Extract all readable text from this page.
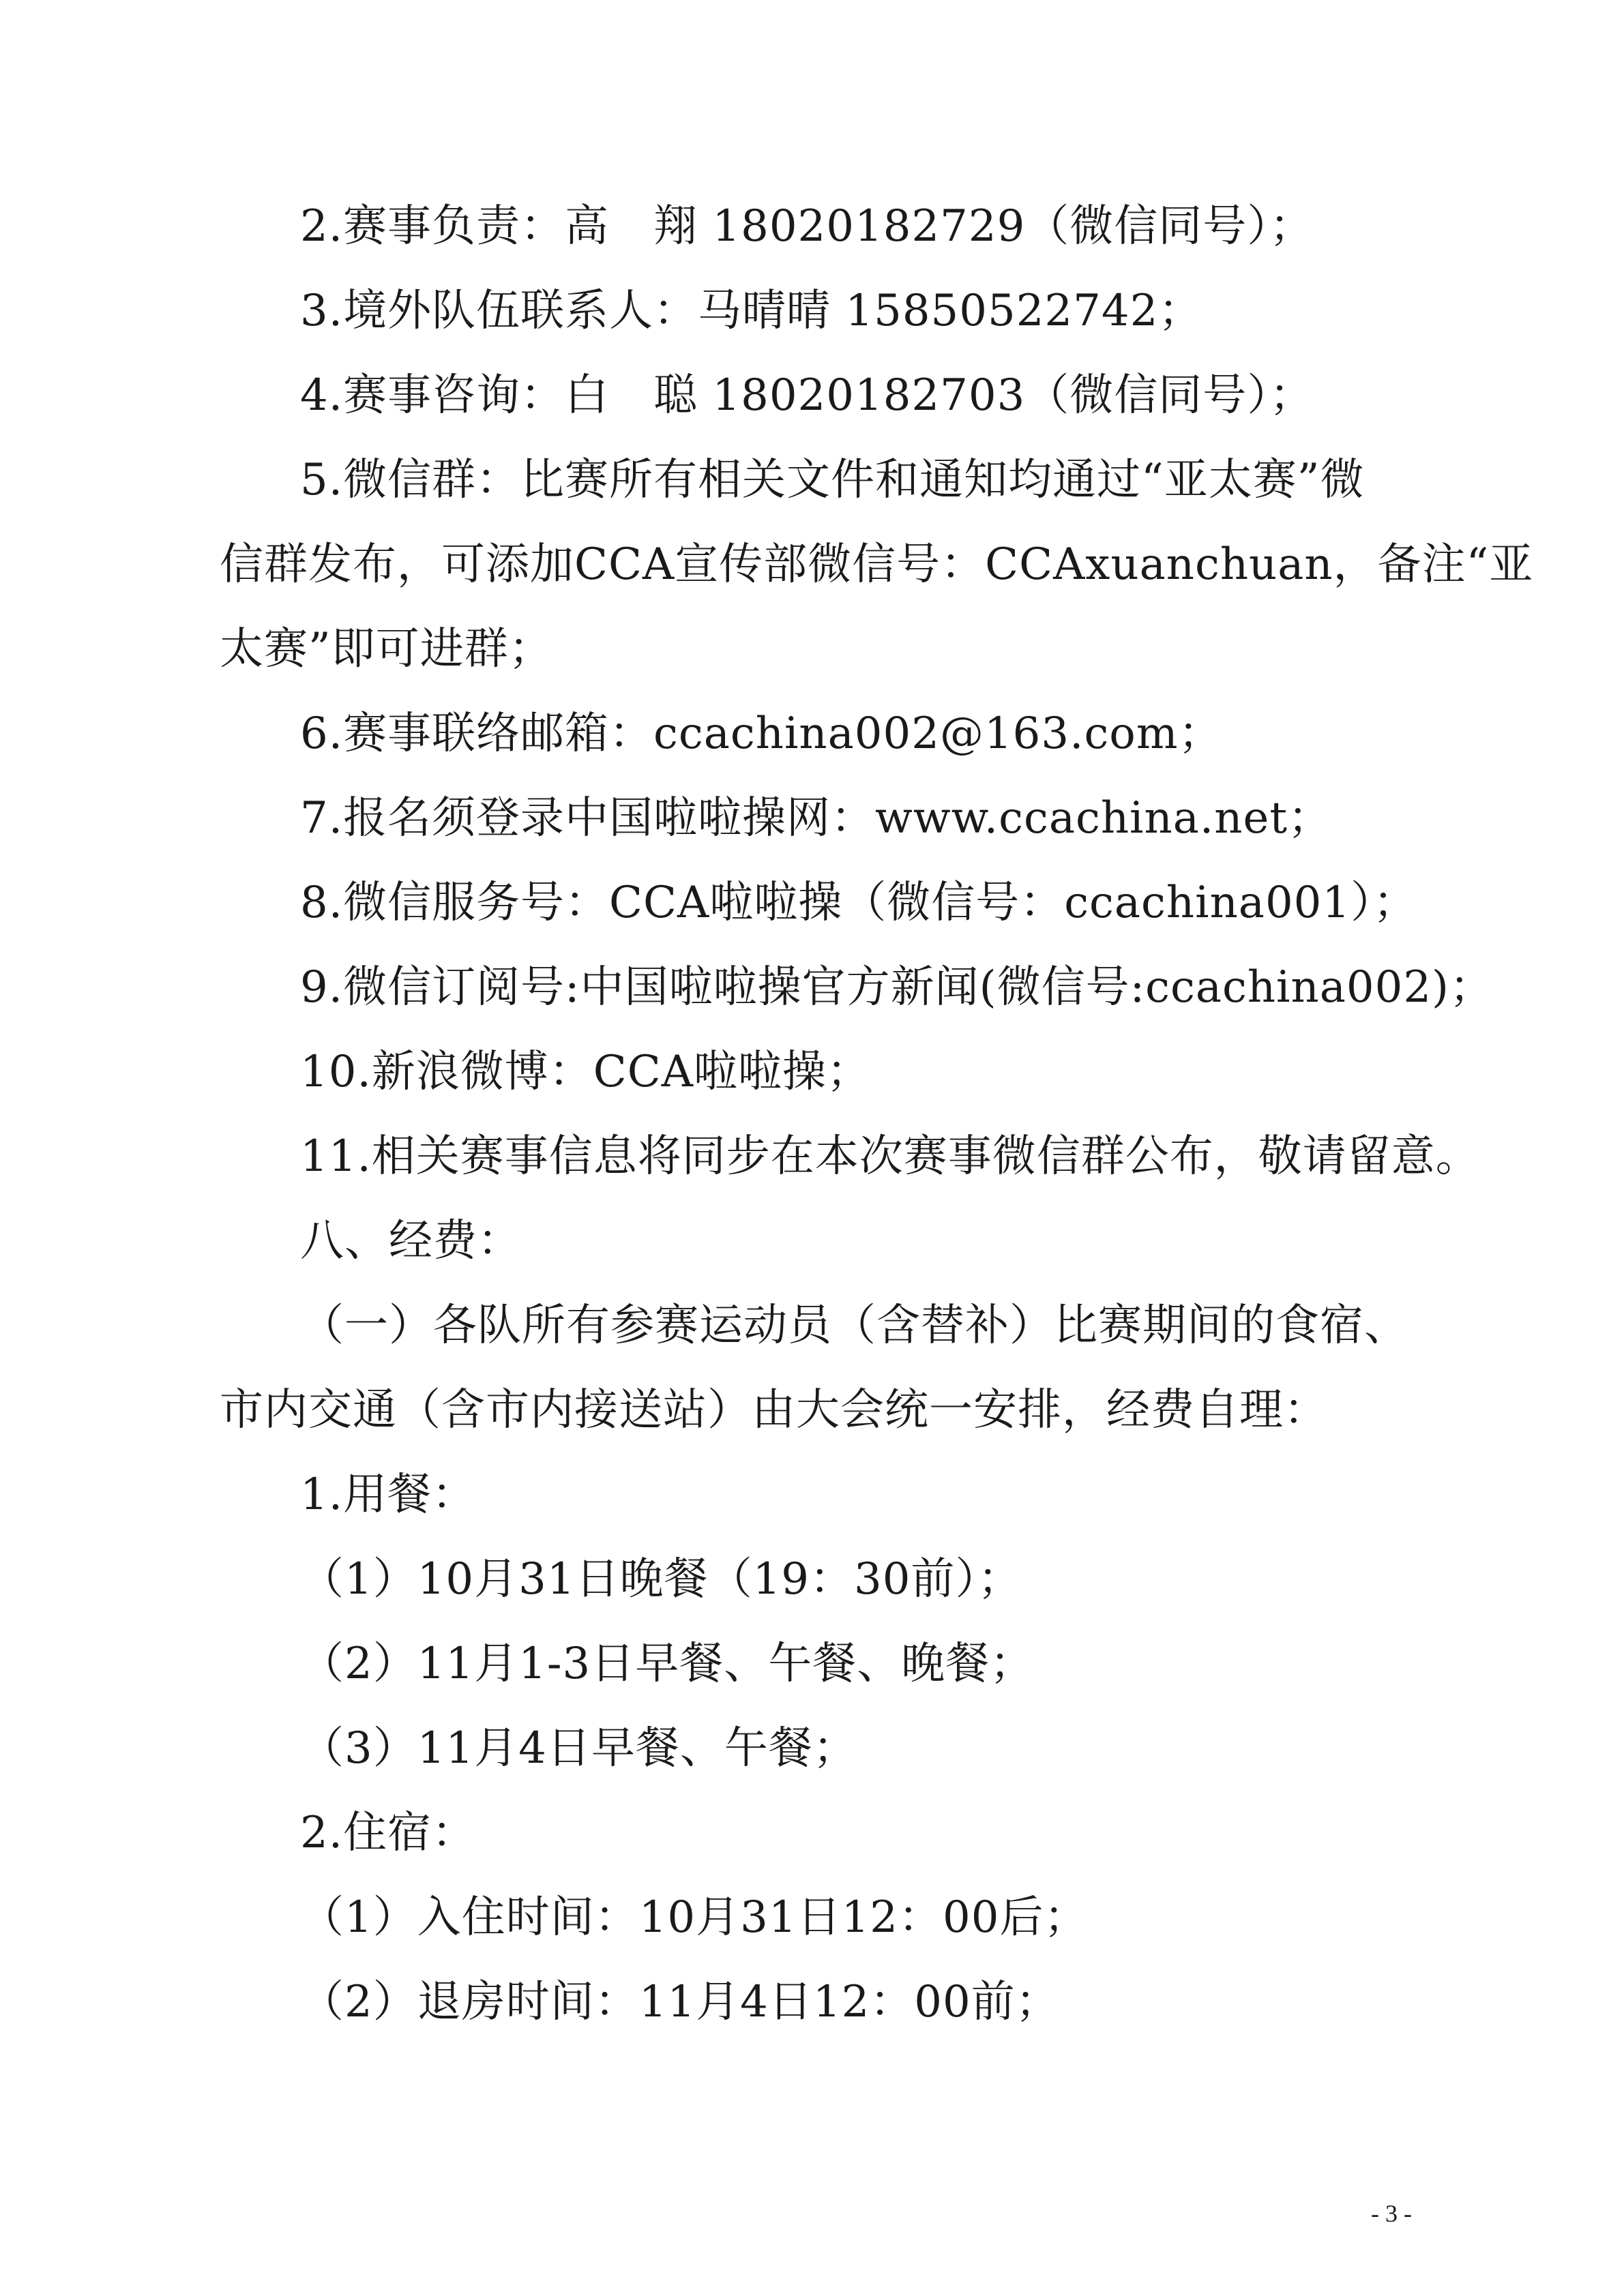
2.赛事负责：高　翔 18020182729（微信同号）；
3.境外队伍联系人：马晴晴 15850522742；
4.赛事咨询：白　聪 18020182703（微信同号）；
5.微信群：比赛所有相关文件和通知均通过“亚太赛”微
信群发布，可添加CCA宣传部微信号：CCAxuanchuan，备注“亚
太赛”即可进群；
6.赛事联络邮箱：ccachina002@163.com；
7.报名须登录中国啦啦操网：www.ccachina.net；
8.微信服务号：CCA啦啦操（微信号：ccachina001）；
9.微信订阅号:中国啦啦操官方新闻(微信号:ccachina002)；
10.新浪微博：CCA啦啦操；
11.相关赛事信息将同步在本次赛事微信群公布，敬请留意。
八、经费：
（一）各队所有参赛运动员（含替补）比赛期间的食宿、
市内交通（含市内接送站）由大会统一安排，经费自理：
1.用餐：
（1）10月31日晚餐（19：30前）；
（2）11月1-3日早餐、午餐、晚餐；
（3）11月4日早餐、午餐；
2.住宿：
（1）入住时间：10月31日12：00后；
（2）退房时间：11月4日12：00前；
- 3 -
